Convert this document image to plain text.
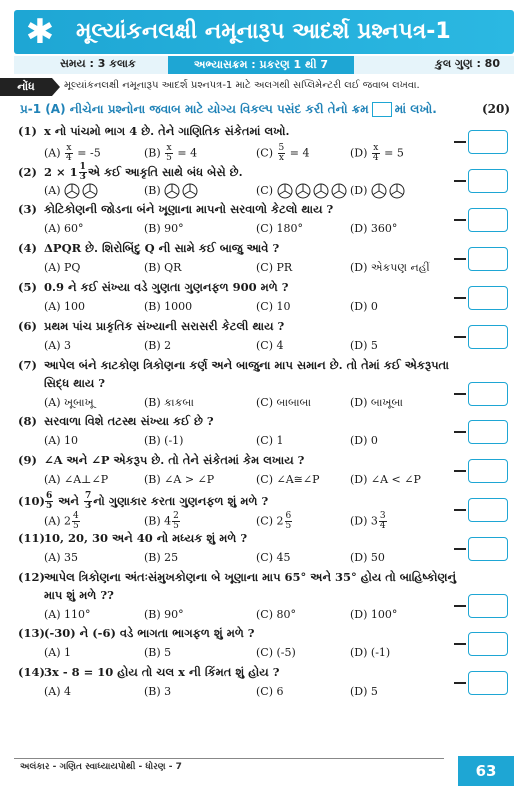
✱ મૂલ્યાંકનલક્ષી નમૂનારૂપ આદર્શ પ્રશ્નપત્ર-1
સમય : 3 કલાક	અભ્યાસક્રમ : પ્રકરણ 1 થી 7	કુલ ગુણ : 80
નોંધ	મૂલ્યાંકનલક્ષી નમૂનારૂપ આદર્શ પ્રશ્નપત્ર-1 માટે અલગથી સપ્લિમેન્ટરી લઈ જવાબ લખવા.
પ્ર-1 (A) નીચેના પ્રશ્નોના જવાબ માટે યોગ્ય વિકલ્પ પસંદ કરી તેનો ક્રમ માં લખો.	(20)
(1) x નો પાંચમો ભાગ 4 છે. તેને ગાણિતિક સંકેતમાં લખો.
$(A) \frac{x}{4} = -5$	$(B) \frac{x}{5} = 4$	$(C) \frac{5}{x} = 4$	$(D) \frac{x}{4} = 5$
(2) $2 \times 1 \frac{1}{3}$ એ કઈ આકૃતિ સાથે બંધ બેસે છે.
(A)	(B)	(C)	(D)
(3) કોટિકોણની જોડના બંને ખૂણાના માપનો સરવાળો કેટલો થાય ?
(A) 60°	(B) 90°	(C) 180°	(D) 360°
(4) ΔPQR છે. શિરોબિંદુ Q ની સામે કઈ બાજુ આવે ?
(A) PQ	(B) QR	(C) PR	(D) એકપણ નહીં
(5) 0.9 ને કઈ સંખ્યા વડે ગુણતા ગુણનફળ 900 મળે ?
(A) 100	(B) 1000	(C) 10	(D) 0
(6) પ્રથમ પાંચ પ્રાકૃતિક સંખ્યાની સરાસરી કેટલી થાય ?
(A) 3	(B) 2	(C) 4	(D) 5
(7) આપેલ બંને કાટકોણ ત્રિકોણના કર્ણ અને બાજુના માપ સમાન છે. તો તેમાં કઈ એકરૂપતા
સિદ્ધ થાય ?
(A) ખૂબાખૂ	(B) કાકબા	(C) બાબાબા	(D) બાખૂબા
(8) સરવાળા વિશે તટસ્થ સંખ્યા કઈ છે ?
(A) 10	(B) (-1)	(C) 1	(D) 0
(9) ∠A અને ∠P એકરૂપ છે. તો તેને સંકેતમાં કેમ લખાય ?
(A) ∠A⊥∠P	(B) ∠A > ∠P	(C) ∠A≅∠P	(D) ∠A < ∠P
$(10) \frac{6}{5}$ અને $\frac{7}{3}$ નો ગુણાકાર કરતા ગુણનફળ શું મળે ?
(A) $2 \frac{4}{5}$	(B) $4 \frac{2}{5}$	(C) $2 \frac{6}{5}$	(D) $3 \frac{3}{4}$
(11)10, 20, 30 અને 40 નો મધ્યક શું મળે ?
(A) 35	(B) 25	(C) 45	(D) 50
(12)આપેલ ત્રિકોણના અંતઃસંમુખકોણના બે ખૂણાના માપ 65° અને 35° હોય તો બાહિષ્કોણનું
માપ શું મળે ??
(A) 110°	(B) 90°	(C) 80°	(D) 100°
(13)(-30) ને (-6) વડે ભાગતા ભાગફળ શું મળે ?
(A) 1	(B) 5	(C) (-5)	(D) (-1)
(14)3x - 8 = 10 હોય તો ચલ x ની કિંમત શું હોય ?
(A) 4	(B) 3	(C) 6	(D) 5
અલંકાર - ગણિત સ્વાધ્યાયપોથી - ધોરણ - 7	63
